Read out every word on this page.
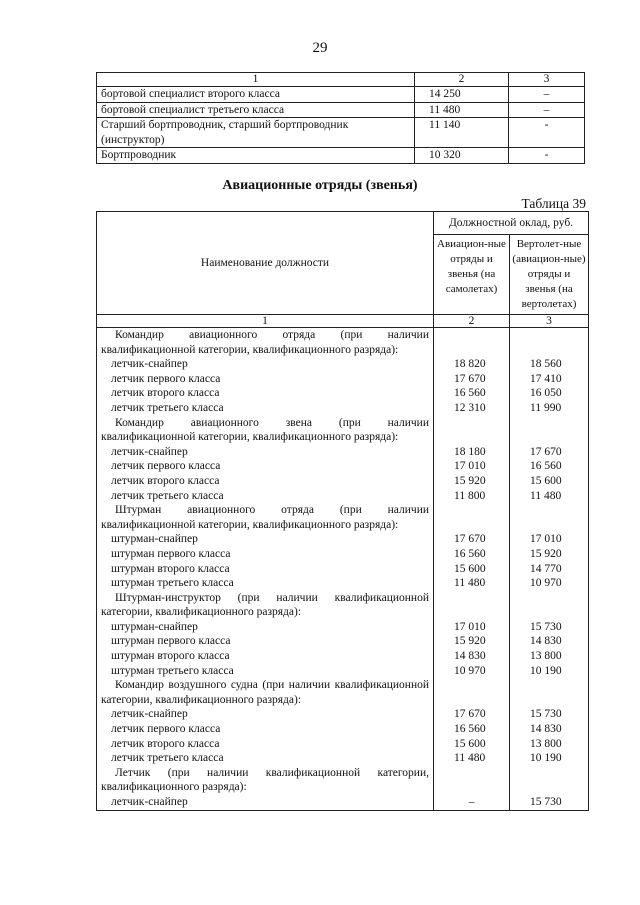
29
1	2	3
бортовой специалист второго класса	14 250	–
бортовой специалист третьего класса	11 480	–
Старший бортпроводник, старший бортпроводник (инструктор)	11 140	-
Бортпроводник	10 320	-
Авиационные отряды (звенья)
Таблица 39
Наименование должности	Должностной оклад, руб.	
	Авиацион-ные отряды и звенья (на самолетах)	Вертолет-ные (авиацион-ные) отряды и звенья (на вертолетах)
1	2	3
Командир авиационного отряда (при наличии квалификационной категории, квалификационного разряда):		
летчик-снайпер	18 820	18 560
летчик первого класса	17 670	17 410
летчик второго класса	16 560	16 050
летчик третьего класса	12 310	11 990
Командир авиационного звена (при наличии квалификационной категории, квалификационного разряда):		
летчик-снайпер	18 180	17 670
летчик первого класса	17 010	16 560
летчик второго класса	15 920	15 600
летчик третьего класса	11 800	11 480
Штурман авиационного отряда (при наличии квалификационной категории, квалификационного разряда):		
штурман-снайпер	17 670	17 010
штурман первого класса	16 560	15 920
штурман второго класса	15 600	14 770
штурман третьего класса	11 480	10 970
Штурман-инструктор (при наличии квалификационной категории, квалификационного разряда):		
штурман-снайпер	17 010	15 730
штурман первого класса	15 920	14 830
штурман второго класса	14 830	13 800
штурман третьего класса	10 970	10 190
Командир воздушного судна (при наличии квалификационной категории, квалификационного разряда):		
летчик-снайпер	17 670	15 730
летчик первого класса	16 560	14 830
летчик второго класса	15 600	13 800
летчик третьего класса	11 480	10 190
Летчик (при наличии квалификационной категории, квалификационного разряда):		
летчик-снайпер	–	15 730
